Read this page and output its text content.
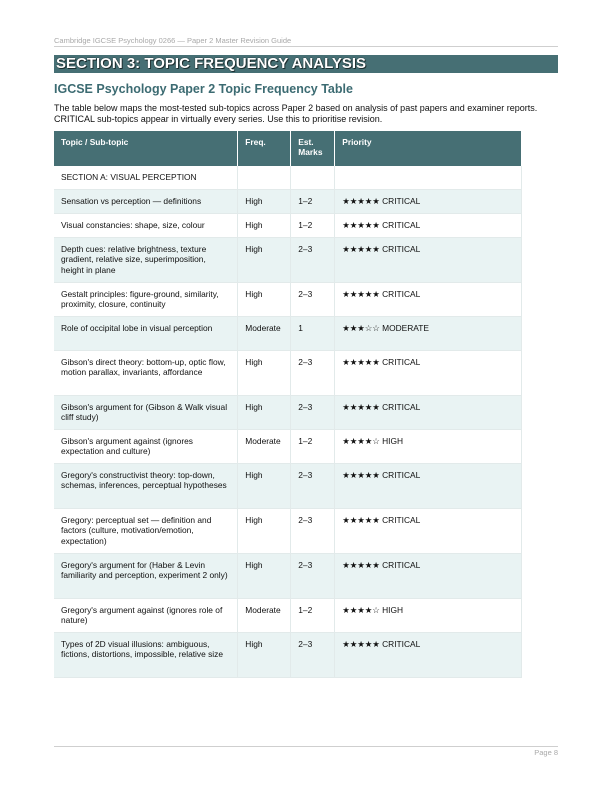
Cambridge IGCSE Psychology 0266 — Paper 2 Master Revision Guide
SECTION 3: TOPIC FREQUENCY ANALYSIS
IGCSE Psychology Paper 2 Topic Frequency Table
The table below maps the most-tested sub-topics across Paper 2 based on analysis of past papers and examiner reports. CRITICAL sub-topics appear in virtually every series. Use this to prioritise revision.
Topic / Sub-topic	Freq.	Est. Marks	Priority
SECTION A: VISUAL PERCEPTION			
Sensation vs perception — definitions	High	1–2	★★★★★ CRITICAL
Visual constancies: shape, size, colour	High	1–2	★★★★★ CRITICAL
Depth cues: relative brightness, texture gradient, relative size, superimposition, height in plane	High	2–3	★★★★★ CRITICAL
Gestalt principles: figure-ground, similarity, proximity, closure, continuity	High	2–3	★★★★★ CRITICAL
Role of occipital lobe in visual perception	Moderate	1	★★★☆☆ MODERATE
Gibson's direct theory: bottom-up, optic flow, motion parallax, invariants, affordance	High	2–3	★★★★★ CRITICAL
Gibson's argument for (Gibson & Walk visual cliff study)	High	2–3	★★★★★ CRITICAL
Gibson's argument against (ignores expectation and culture)	Moderate	1–2	★★★★☆ HIGH
Gregory's constructivist theory: top-down, schemas, inferences, perceptual hypotheses	High	2–3	★★★★★ CRITICAL
Gregory: perceptual set — definition and factors (culture, motivation/emotion, expectation)	High	2–3	★★★★★ CRITICAL
Gregory's argument for (Haber & Levin familiarity and perception, experiment 2 only)	High	2–3	★★★★★ CRITICAL
Gregory's argument against (ignores role of nature)	Moderate	1–2	★★★★☆ HIGH
Types of 2D visual illusions: ambiguous, fictions, distortions, impossible, relative size	High	2–3	★★★★★ CRITICAL
Page 8
